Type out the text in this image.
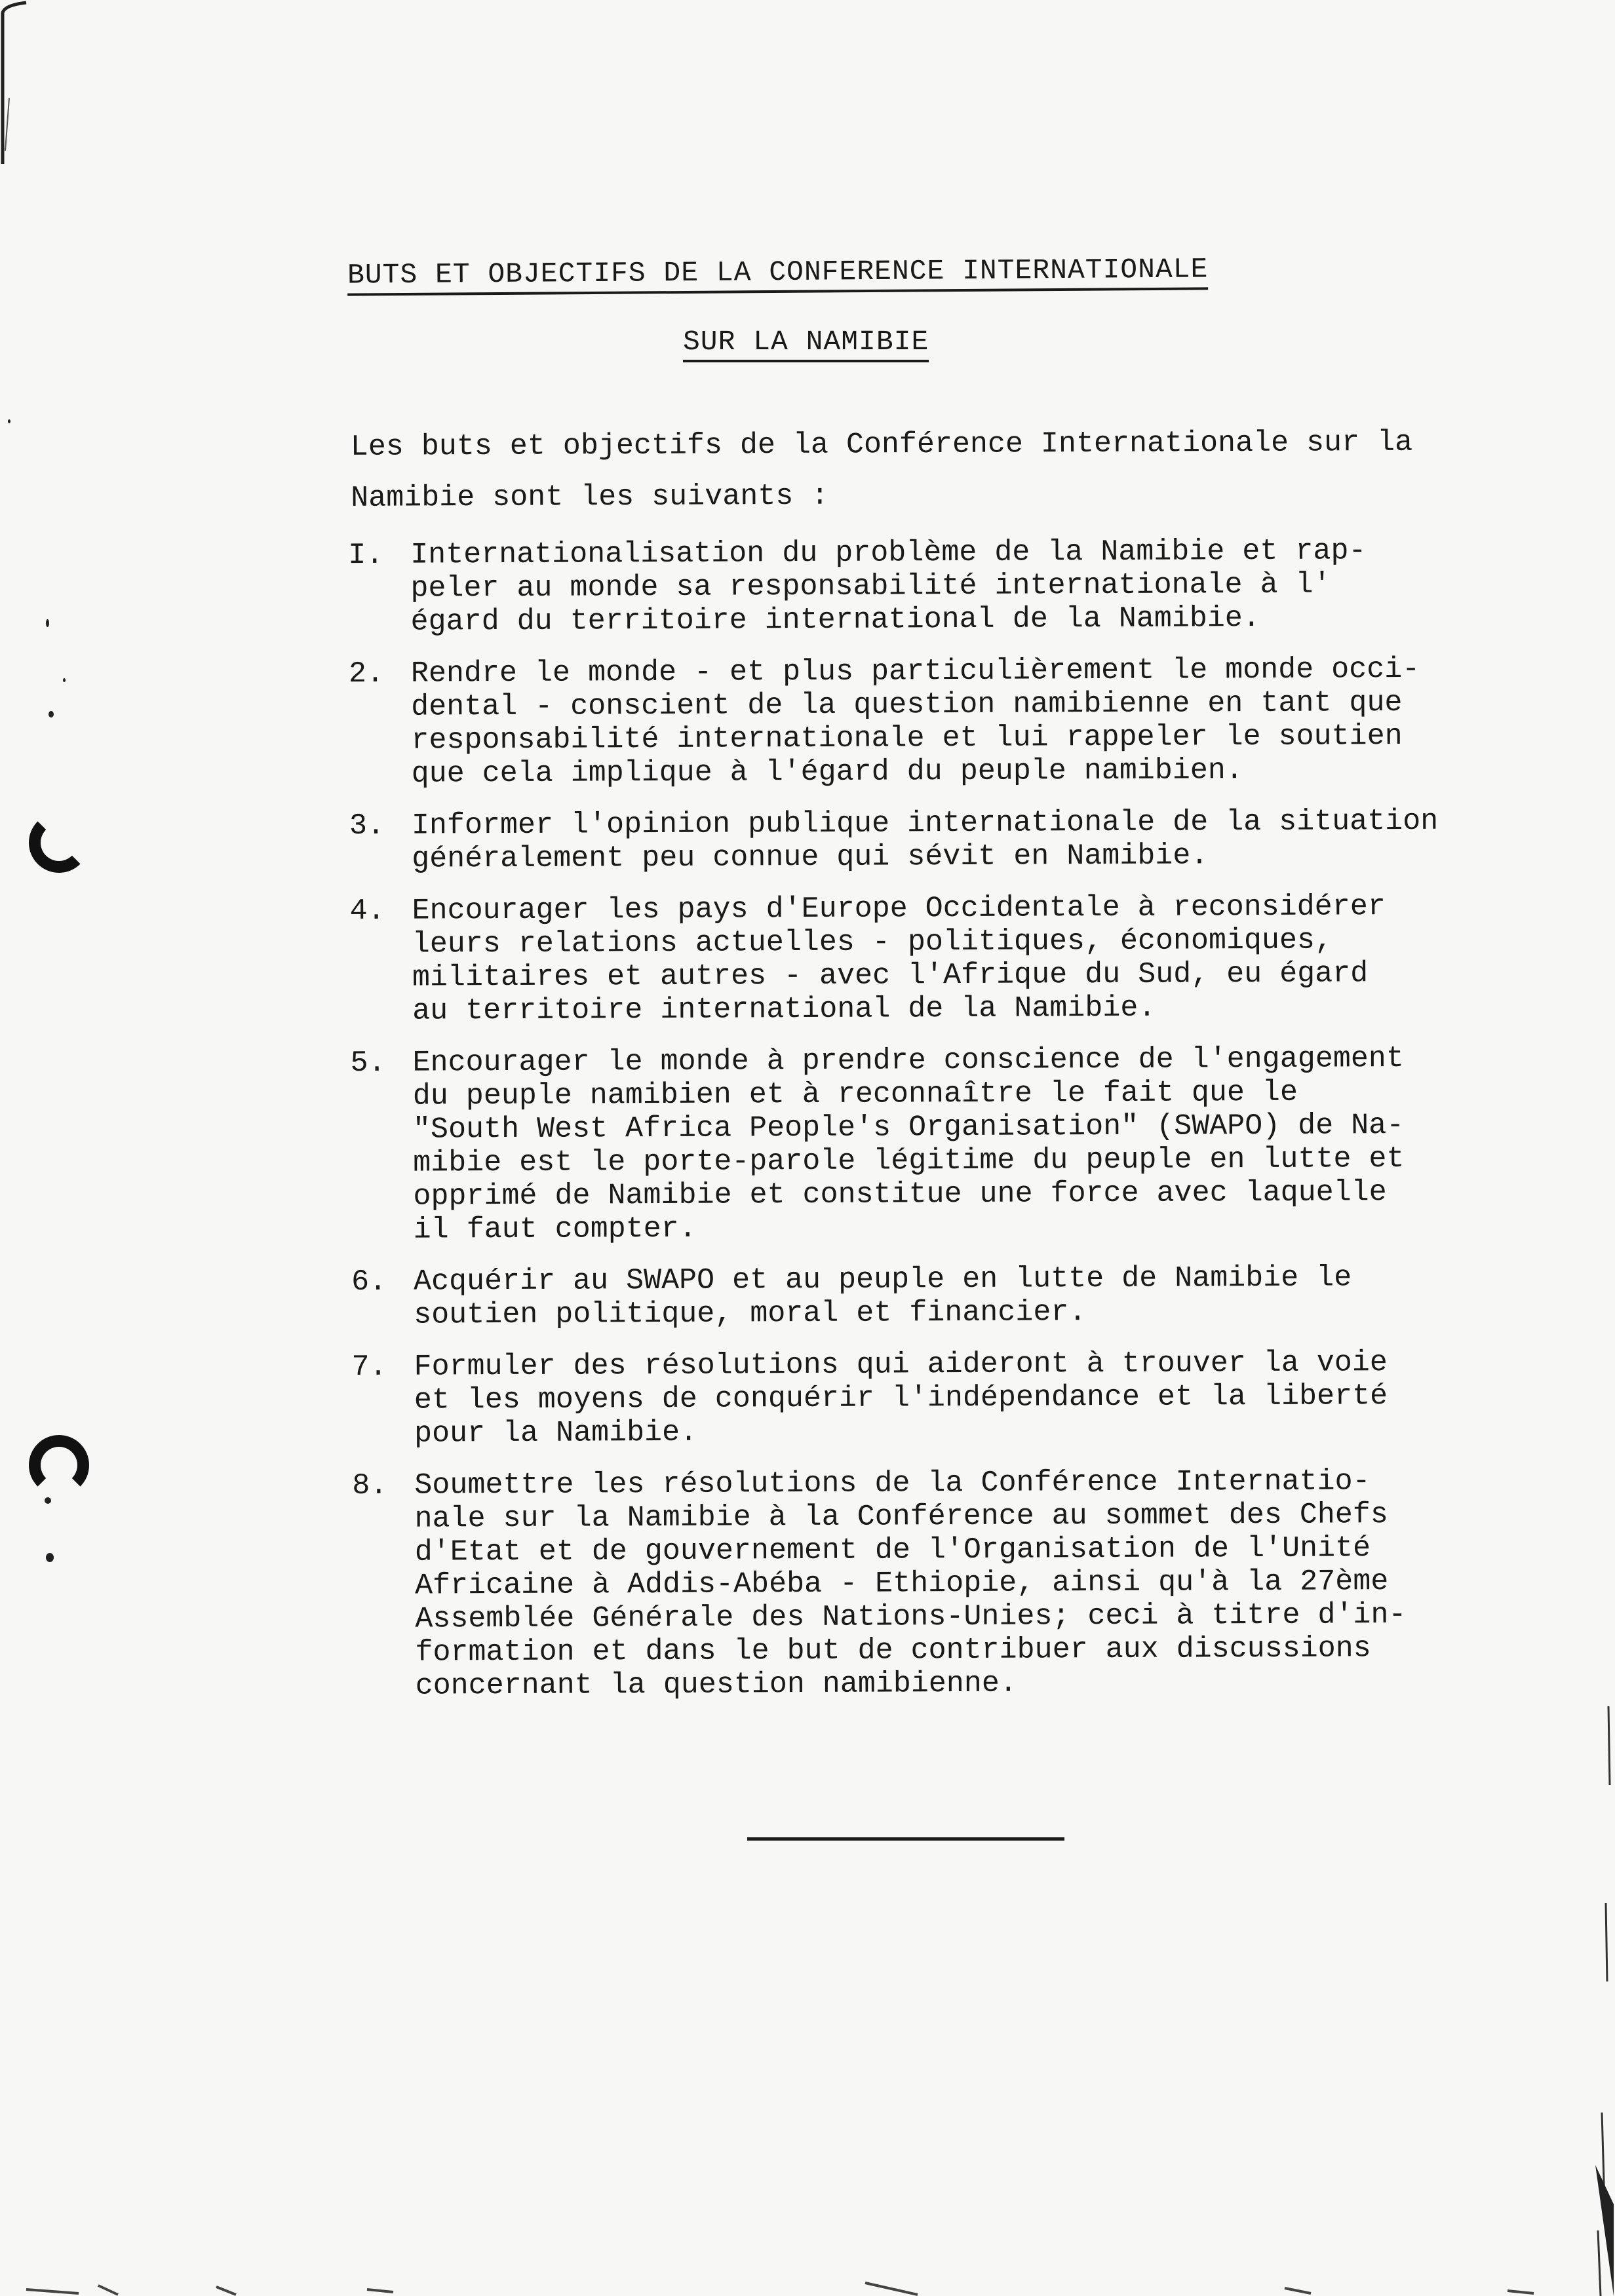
BUTS ET OBJECTIFS DE LA CONFERENCE INTERNATIONALE
SUR LA NAMIBIE

Les buts et objectifs de la Conférence Internationale sur la Namibie sont les suivants :

I. Internationalisation du problème de la Namibie et rap-
peler au monde sa responsabilité internationale à l'
égard du territoire international de la Namibie.
2. Rendre le monde - et plus particulièrement le monde occi-
dental - conscient de la question namibienne en tant que
responsabilité internationale et lui rappeler le soutien
que cela implique à l'égard du peuple namibien.
3. Informer l'opinion publique internationale de la situation
généralement peu connue qui sévit en Namibie.
4. Encourager les pays d'Europe Occidentale à reconsidérer
leurs relations actuelles - politiques, économiques,
militaires et autres - avec l'Afrique du Sud, eu égard
au territoire international de la Namibie.
5. Encourager le monde à prendre conscience de l'engagement
du peuple namibien et à reconnaître le fait que le
"South West Africa People's Organisation" (SWAPO) de Na-
mibie est le porte-parole légitime du peuple en lutte et
opprimé de Namibie et constitue une force avec laquelle
il faut compter.
6. Acquérir au SWAPO et au peuple en lutte de Namibie le
soutien politique, moral et financier.
7. Formuler des résolutions qui aideront à trouver la voie
et les moyens de conquérir l'indépendance et la liberté
pour la Namibie.
8. Soumettre les résolutions de la Conférence Internatio-
nale sur la Namibie à la Conférence au sommet des Chefs
d'Etat et de gouvernement de l'Organisation de l'Unité
Africaine à Addis-Abéba - Ethiopie, ainsi qu'à la 27ème
Assemblée Générale des Nations-Unies; ceci à titre d'in-
formation et dans le but de contribuer aux discussions
concernant la question namibienne.
